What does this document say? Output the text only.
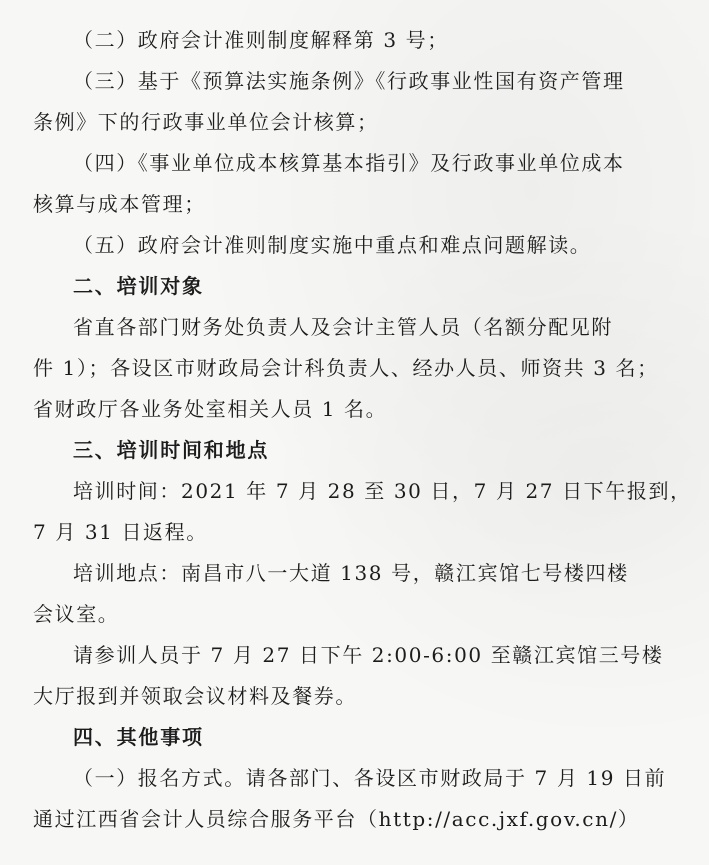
（二）政府会计准则制度解释第 3 号；
（三）基于《预算法实施条例》《行政事业性国有资产管理
条例》下的行政事业单位会计核算；
（四）《事业单位成本核算基本指引》及行政事业单位成本
核算与成本管理；
（五）政府会计准则制度实施中重点和难点问题解读。
二、培训对象
省直各部门财务处负责人及会计主管人员（名额分配见附
件 1）；各设区市财政局会计科负责人、经办人员、师资共 3 名；
省财政厅各业务处室相关人员 1 名。
三、培训时间和地点
培训时间：2021 年 7 月 28 至 30 日，7 月 27 日下午报到，
7 月 31 日返程。
培训地点：南昌市八一大道 138 号，赣江宾馆七号楼四楼
会议室。
请参训人员于 7 月 27 日下午 2:00-6:00 至赣江宾馆三号楼
大厅报到并领取会议材料及餐券。
四、其他事项
（一）报名方式。请各部门、各设区市财政局于 7 月 19 日前
通过江西省会计人员综合服务平台（http://acc.jxf.gov.cn/）
